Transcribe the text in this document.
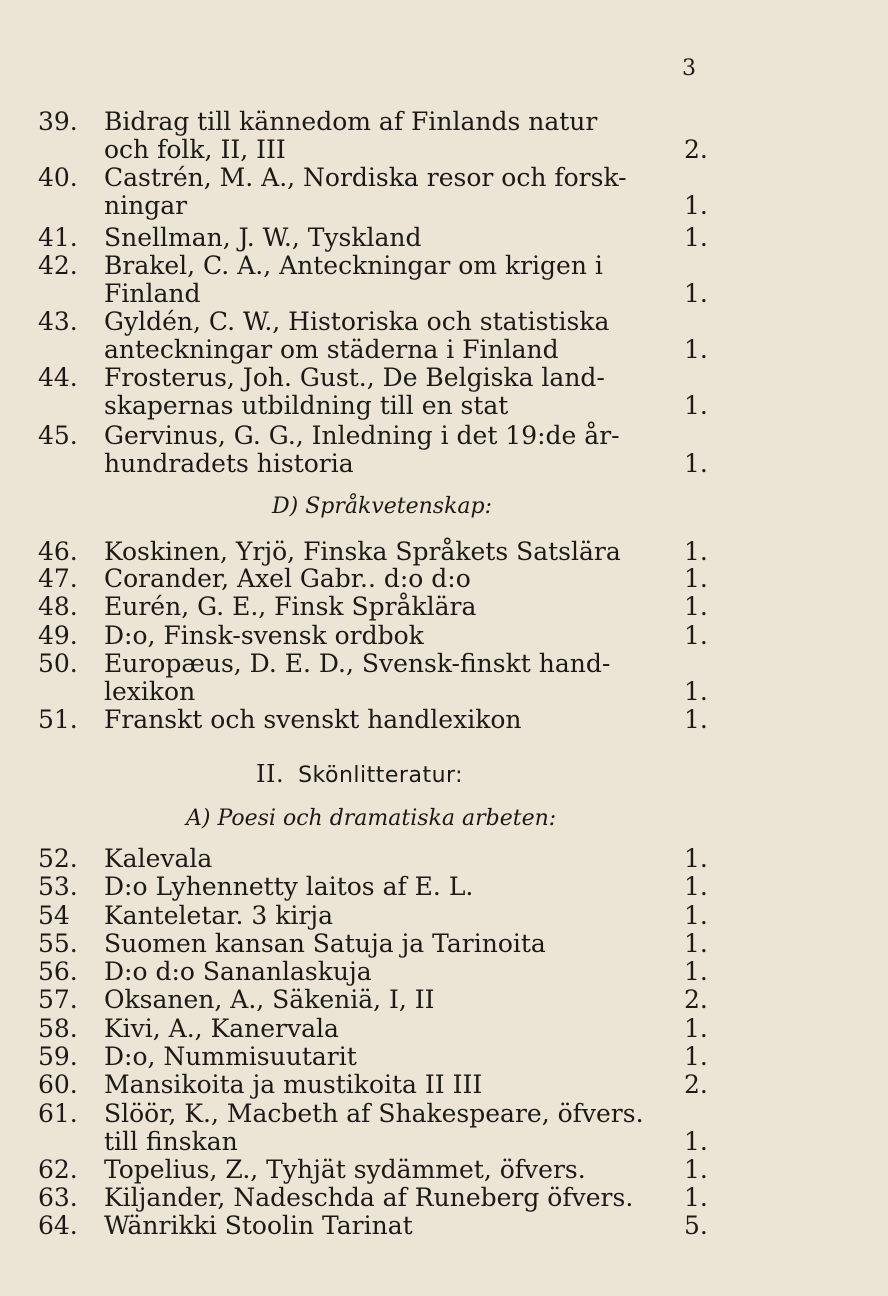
3
39.	Bidrag till kännedom af Finlands natur
och folk, II, III	2.
40.	Castrén, M. A., Nordiska resor och forsk-
ningar	1.
41.	Snellman, J. W., Tyskland	1.
42.	Brakel, C. A., Anteckningar om krigen i
Finland	1.
43.	Gyldén, C. W., Historiska och statistiska
anteckningar om städerna i Finland	1.
44.	Frosterus, Joh. Gust., De Belgiska land-
skapernas utbildning till en stat	1.
45.	Gervinus, G. G., Inledning i det 19:de år-
hundradets historia	1.
D) Språkvetenskap:
46.	Koskinen, Yrjö, Finska Språkets Satslära	1.
47.	Corander, Axel Gabr.. d:o d:o	1.
48.	Eurén, G. E., Finsk Språklära	1.
49.	D:o, Finsk-svensk ordbok	1.
50.	Europæus, D. E. D., Svensk-finskt hand-
lexikon	1.
51.	Franskt och svenskt handlexikon	1.
II. Skönlitteratur:
A) Poesi och dramatiska arbeten:
52.	Kalevala	1.
53.	D:o Lyhennetty laitos af E. L.	1.
54	Kanteletar. 3 kirja	1.
55.	Suomen kansan Satuja ja Tarinoita	1.
56.	D:o d:o Sananlaskuja	1.
57.	Oksanen, A., Säkeniä, I, II	2.
58.	Kivi, A., Kanervala	1.
59.	D:o, Nummisuutarit	1.
60.	Mansikoita ja mustikoita II III	2.
61.	Slöör, K., Macbeth af Shakespeare, öfvers.
till finskan	1.
62.	Topelius, Z., Tyhjät sydämmet, öfvers.	1.
63.	Kiljander, Nadeschda af Runeberg öfvers.	1.
64.	Wänrikki Stoolin Tarinat	5.
